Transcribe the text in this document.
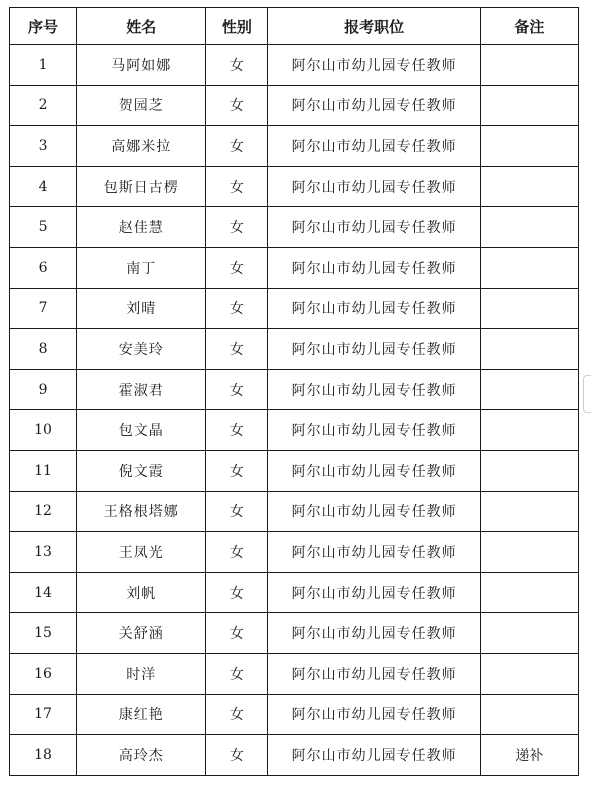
序号	姓名	性别	报考职位	备注
1	马阿如娜	女	阿尔山市幼儿园专任教师	
2	贺园芝	女	阿尔山市幼儿园专任教师	
3	高娜米拉	女	阿尔山市幼儿园专任教师	
4	包斯日古楞	女	阿尔山市幼儿园专任教师	
5	赵佳慧	女	阿尔山市幼儿园专任教师	
6	南丁	女	阿尔山市幼儿园专任教师	
7	刘晴	女	阿尔山市幼儿园专任教师	
8	安美玲	女	阿尔山市幼儿园专任教师	
9	霍淑君	女	阿尔山市幼儿园专任教师	
10	包文晶	女	阿尔山市幼儿园专任教师	
11	倪文霞	女	阿尔山市幼儿园专任教师	
12	王格根塔娜	女	阿尔山市幼儿园专任教师	
13	王凤光	女	阿尔山市幼儿园专任教师	
14	刘帆	女	阿尔山市幼儿园专任教师	
15	关舒涵	女	阿尔山市幼儿园专任教师	
16	时洋	女	阿尔山市幼儿园专任教师	
17	康红艳	女	阿尔山市幼儿园专任教师	
18	高玲杰	女	阿尔山市幼儿园专任教师	递补
